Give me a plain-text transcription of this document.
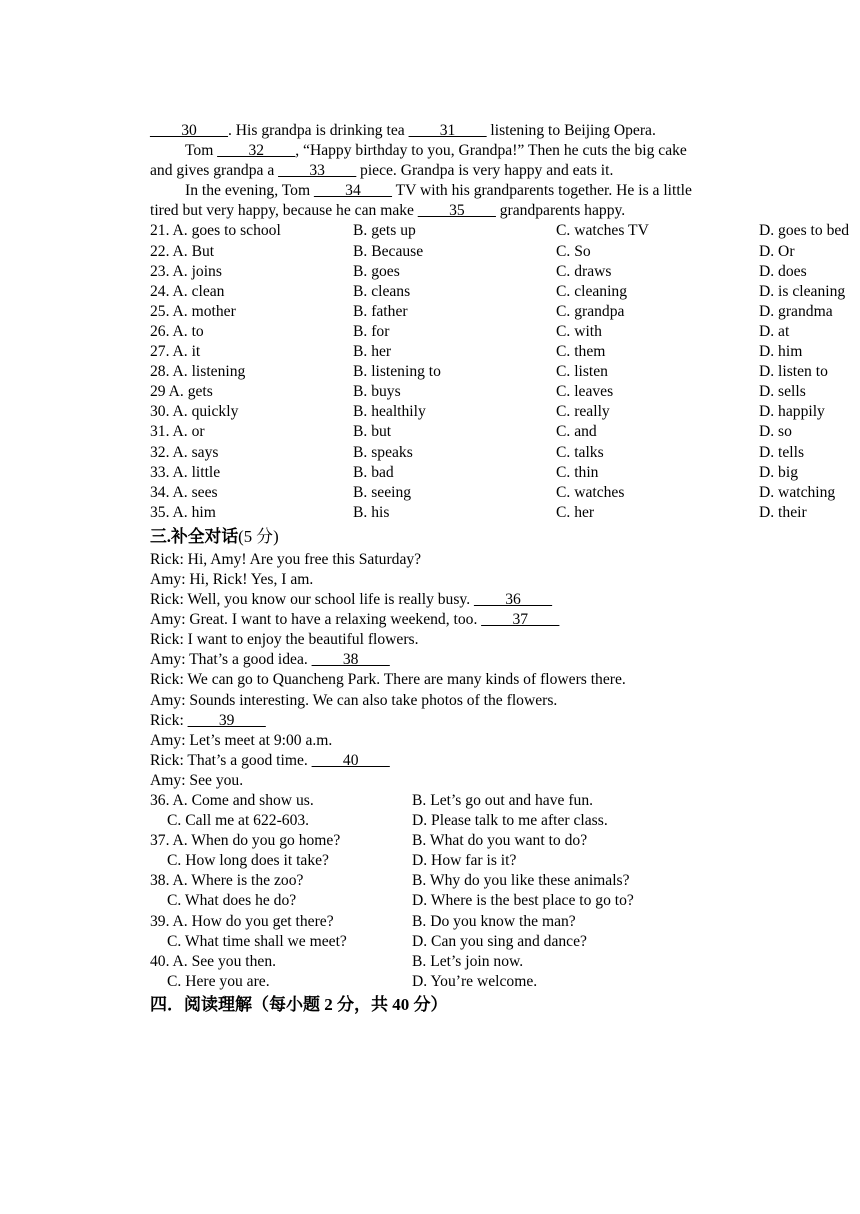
____30____. His grandpa is drinking tea ____31____ listening to Beijing Opera.
Tom ____32____, “Happy birthday to you, Grandpa!” Then he cuts the big cake and gives grandpa a ____33____ piece. Grandpa is very happy and eats it.
In the evening, Tom ____34____ TV with his grandparents together. He is a little tired but very happy, because he can make ____35____ grandparents happy.
21. A. goes to school	B. gets up	C. watches TV	D. goes to bed
22. A. But	B. Because	C. So	D. Or
23. A. joins	B. goes	C. draws	D. does
24. A. clean	B. cleans	C. cleaning	D. is cleaning
25. A. mother	B. father	C. grandpa	D. grandma
26. A. to	B. for	C. with	D. at
27. A. it	B. her	C. them	D. him
28. A. listening	B. listening to	C. listen	D. listen to
29 A. gets	B. buys	C. leaves	D. sells
30. A. quickly	B. healthily	C. really	D. happily
31. A. or	B. but	C. and	D. so
32. A. says	B. speaks	C. talks	D. tells
33. A. little	B. bad	C. thin	D. big
34. A. sees	B. seeing	C. watches	D. watching
35. A. him	B. his	C. her	D. their
三.补全对话(5 分)
Rick: Hi, Amy! Are you free this Saturday?
Amy: Hi, Rick! Yes, I am.
Rick: Well, you know our school life is really busy. ____36____
Amy: Great. I want to have a relaxing weekend, too. ____37____
Rick: I want to enjoy the beautiful flowers.
Amy: That’s a good idea. ____38____
Rick: We can go to Quancheng Park. There are many kinds of flowers there.
Amy: Sounds interesting. We can also take photos of the flowers.
Rick: ____39____
Amy: Let’s meet at 9:00 a.m.
Rick: That’s a good time. ____40____
Amy: See you.
36. A. Come and show us.	B. Let’s go out and have fun.
C. Call me at 622-603.	D. Please talk to me after class.
37. A. When do you go home?	B. What do you want to do?
C. How long does it take?	D. How far is it?
38. A. Where is the zoo?	B. Why do you like these animals?
C. What does he do?	D. Where is the best place to go to?
39. A. How do you get there?	B. Do you know the man?
C. What time shall we meet?	D. Can you sing and dance?
40. A. See you then.	B. Let’s join now.
C. Here you are.	D. You’re welcome.
四．阅读理解（每小题 2 分，共 40 分）
